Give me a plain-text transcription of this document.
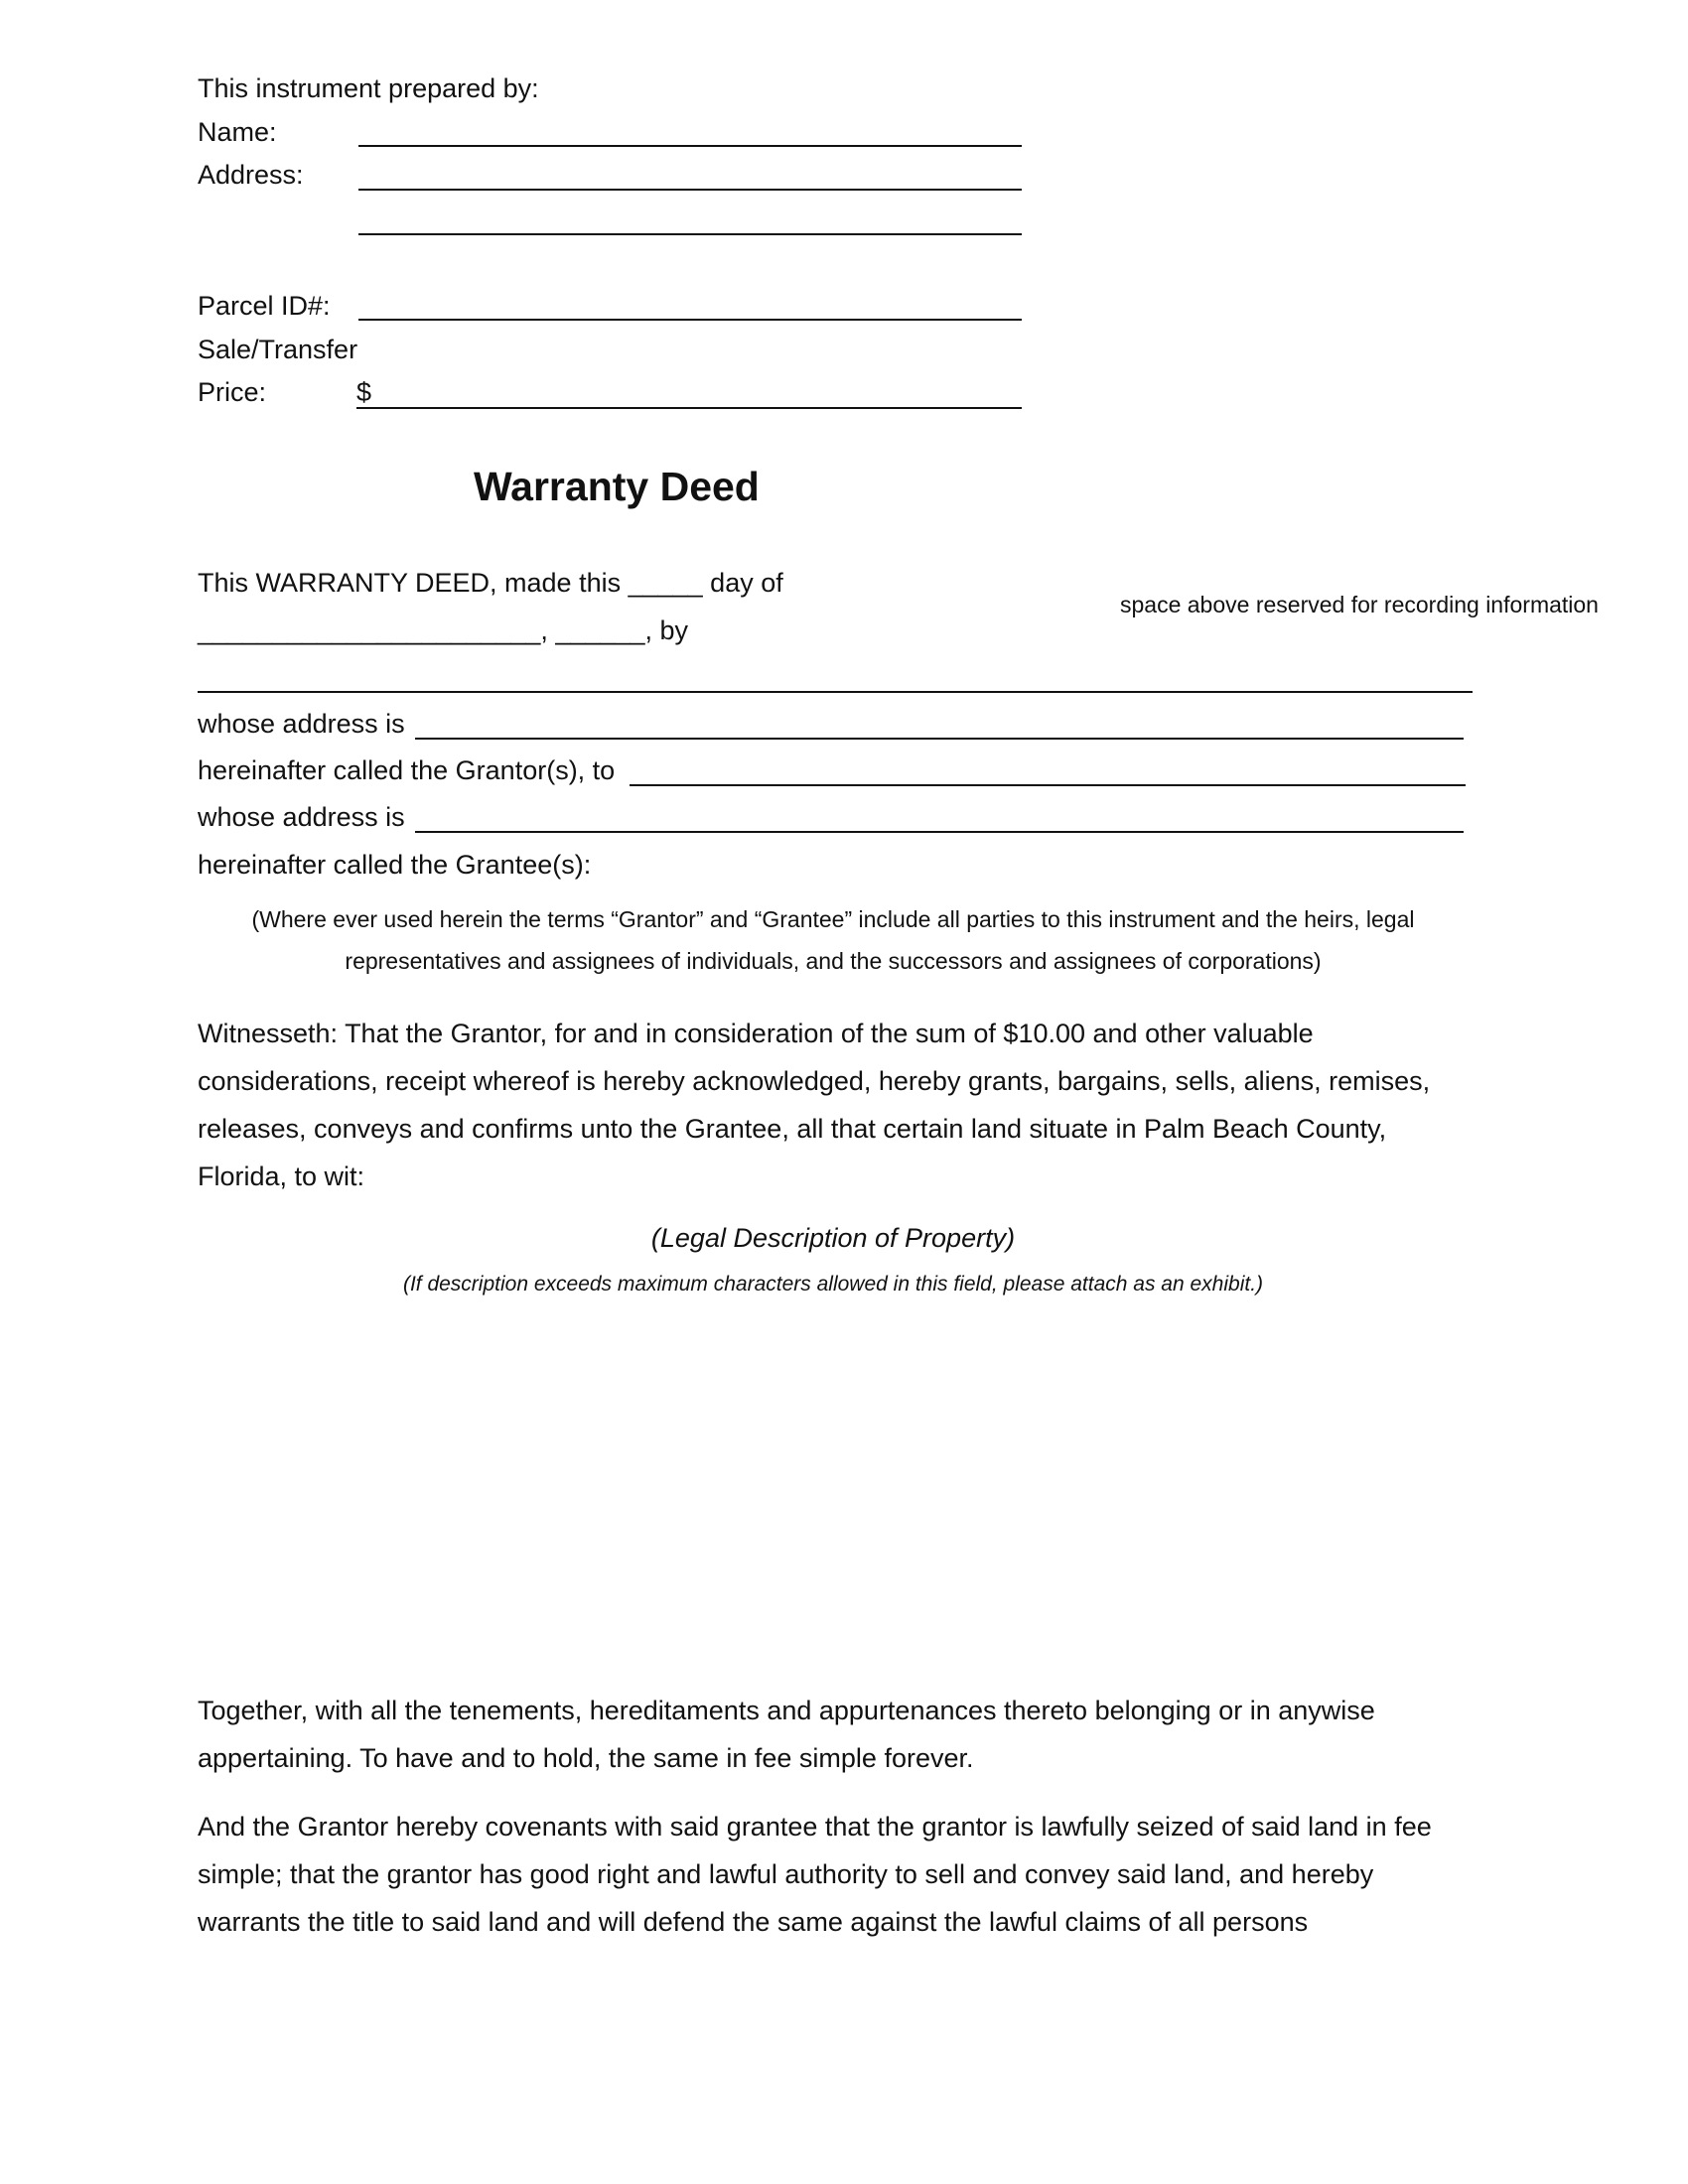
This instrument prepared by:
Name:
Address:
Parcel ID#:
Sale/Transfer
Price:	$
Warranty Deed
This WARRANTY DEED, made this _____ day of
space above reserved for recording information
_______________________, ______, by
whose address is
hereinafter called the Grantor(s), to
whose address is
hereinafter called the Grantee(s):
(Where ever used herein the terms “Grantor” and “Grantee” include all parties to this instrument and the heirs, legal
representatives and assignees of individuals, and the successors and assignees of corporations)
Witnesseth: That the Grantor, for and in consideration of the sum of $10.00 and other valuable
considerations, receipt whereof is hereby acknowledged, hereby grants, bargains, sells, aliens, remises,
releases, conveys and confirms unto the Grantee, all that certain land situate in Palm Beach County,
Florida, to wit:
(Legal Description of Property)
(If description exceeds maximum characters allowed in this field, please attach as an exhibit.)
Together, with all the tenements, hereditaments and appurtenances thereto belonging or in anywise
appertaining. To have and to hold, the same in fee simple forever.
And the Grantor hereby covenants with said grantee that the grantor is lawfully seized of said land in fee
simple; that the grantor has good right and lawful authority to sell and convey said land, and hereby
warrants the title to said land and will defend the same against the lawful claims of all persons
